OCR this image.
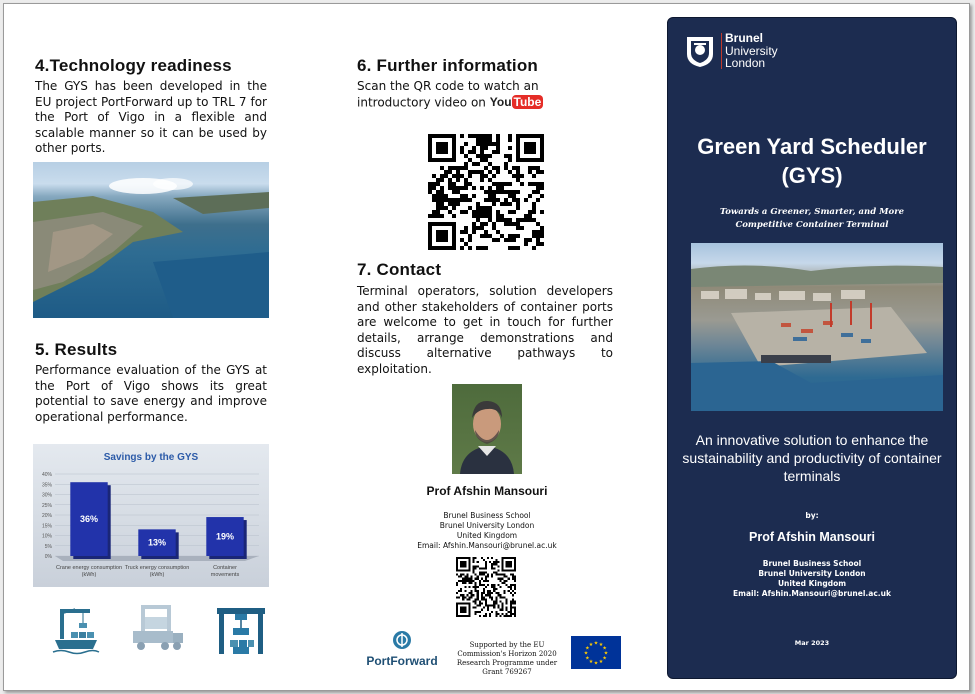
4.Technology readiness
The GYS has been developed in the EU project PortForward up to TRL 7 for the Port of Vigo in a flexible and scalable manner so it can be used by other ports.
5. Results
Performance evaluation of the GYS at the Port of Vigo shows its great potential to save energy and improve operational performance.
Savings by the GYS
0%
5%
10%
15%
20%
25%
30%
35%
40%
36%
Crane energy consumption
(kWh)
13%
Truck energy consumption
(kWh)
19%
Container
movements
6. Further information
Scan the QR code to watch an introductory video on You Tube
7. Contact
Terminal operators, solution developers and other stakeholders of container ports are welcome to get in touch for further details, arrange demonstrations and discuss alternative pathways to exploitation.
Prof Afshin Mansouri
Brunel Business School
Brunel University London
United Kingdom
Email: Afshin.Mansouri@brunel.ac.uk
PortForward
Supported by the EU Commission's Horizon 2020 Research Programme under Grant 769267
★
★
★
★
★
★
★
★
★ ★ ★
★
Brunel
University
London
Green Yard Scheduler (GYS)
Towards a Greener, Smarter, and More Competitive Container Terminal
An innovative solution to enhance the sustainability and productivity of container terminals
by:
Prof Afshin Mansouri
Brunel Business School
Brunel University London
United Kingdom
Email: Afshin.Mansouri@brunel.ac.uk
Mar 2023
